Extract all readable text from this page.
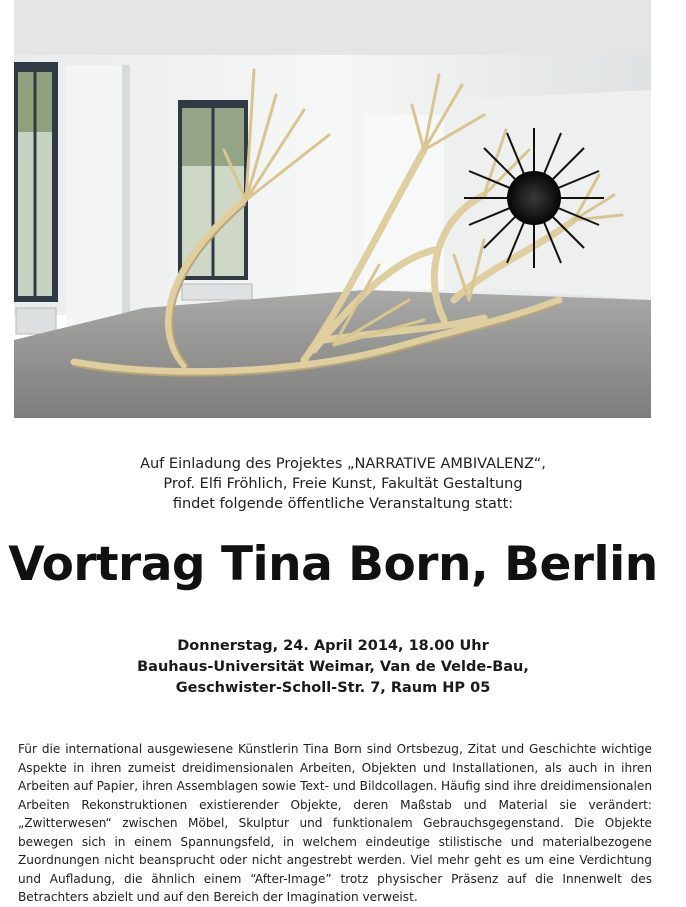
Auf Einladung des Projektes „NARRATIVE AMBIVALENZ“,
Prof. Elfi Fröhlich, Freie Kunst, Fakultät Gestaltung
findet folgende öffentliche Veranstaltung statt:
Vortrag Tina Born, Berlin
Donnerstag, 24. April 2014, 18.00 Uhr
Bauhaus-Universität Weimar, Van de Velde-Bau,
Geschwister-Scholl-Str. 7, Raum HP 05
Für die international ausgewiesene Künstlerin Tina Born sind Ortsbezug, Zitat und Geschichte wichtige Aspekte in ihren zumeist dreidimensionalen Arbeiten, Objekten und Installationen, als auch in ihren Arbeiten auf Papier, ihren Assemblagen sowie Text- und Bildcollagen. Häufig sind ihre dreidimensionalen Arbeiten Rekonstruktionen existierender Objekte, deren Maßstab und Material sie verändert: „Zwitterwesen“ zwischen Möbel, Skulptur und funktionalem Gebrauchsgegenstand. Die Objekte bewegen sich in einem Spannungsfeld, in welchem eindeutige stilistische und materialbezogene Zuordnungen nicht beansprucht oder nicht angestrebt werden. Viel mehr geht es um eine Verdichtung und Aufladung, die ähnlich einem “After-Image” trotz physischer Präsenz auf die Innenwelt des Betrachters abzielt und auf den Bereich der Imagination verweist.
